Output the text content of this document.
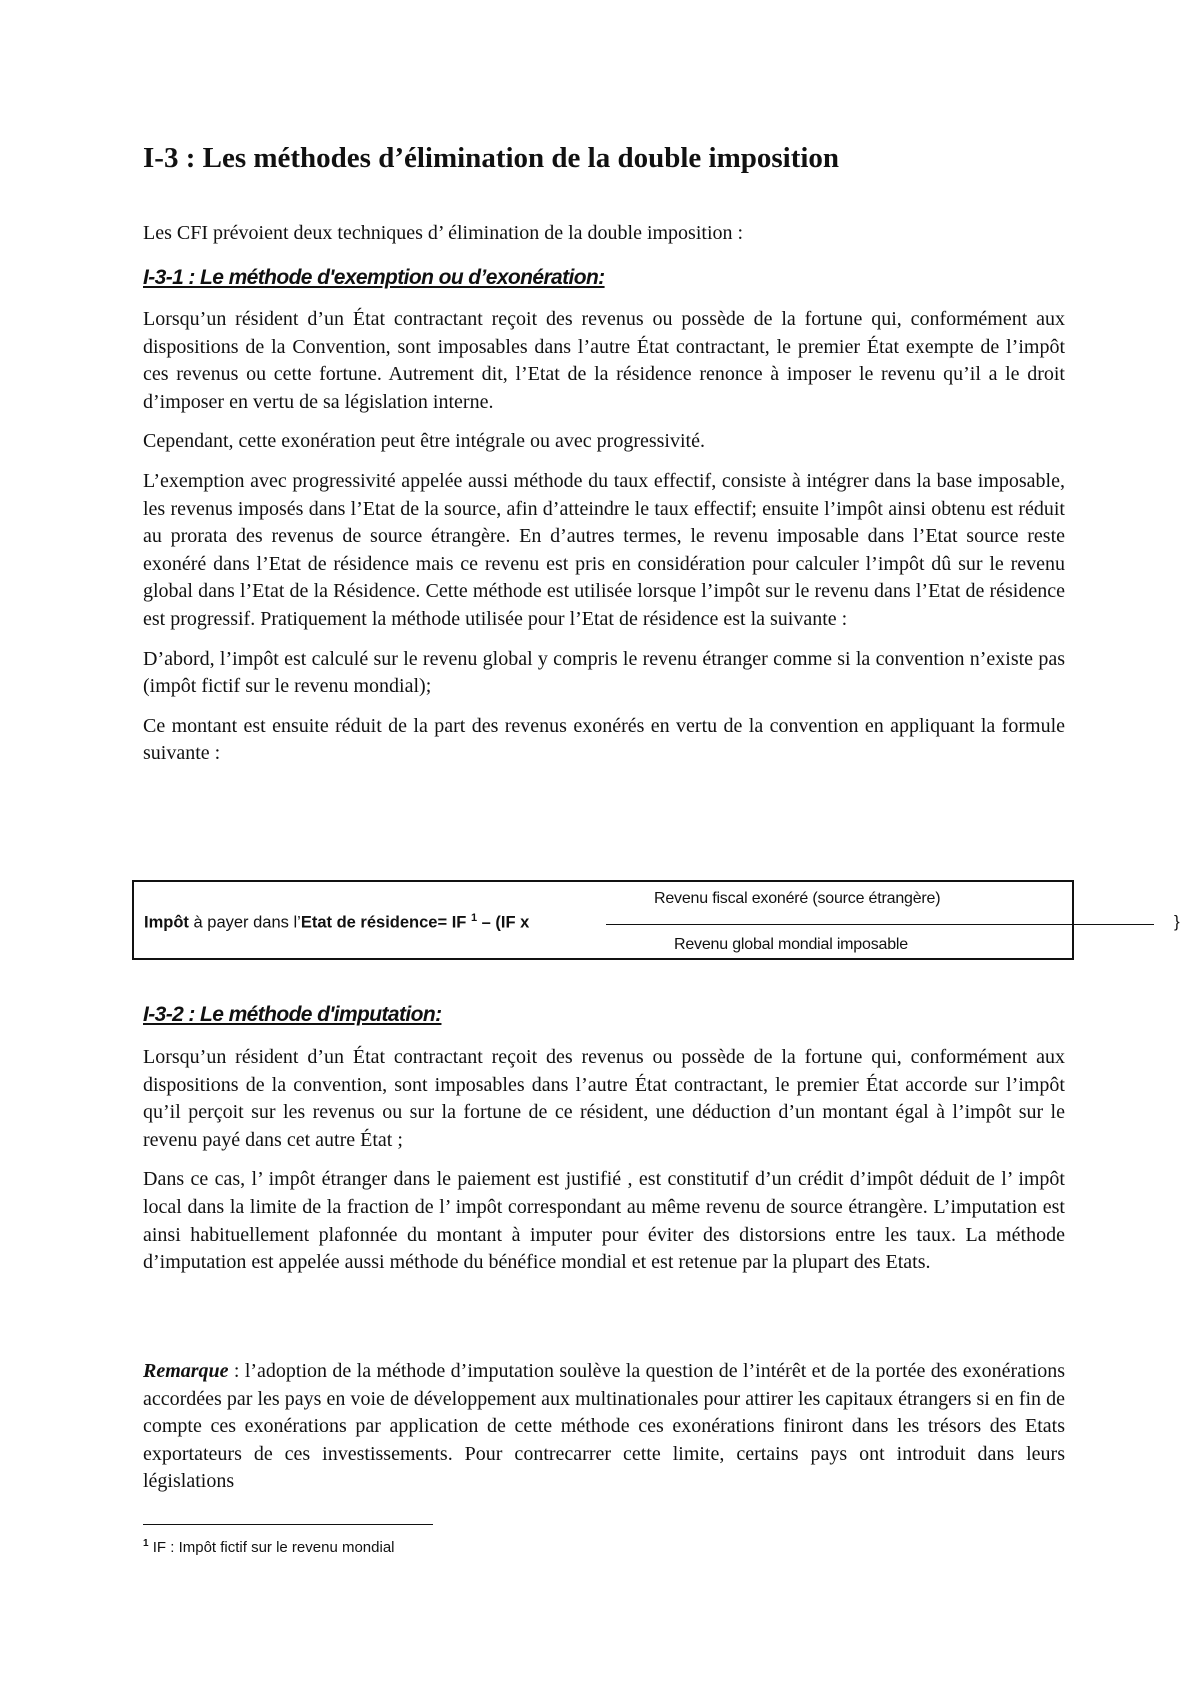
I-3 : Les méthodes d’élimination de la double imposition
Les CFI prévoient deux techniques d’ élimination de la double imposition :
I-3-1 : Le méthode d'exemption ou d’exonération:

Lorsqu’un résident d’un État contractant reçoit des revenus ou possède de la fortune qui, conformément aux dispositions de la Convention, sont imposables dans l’autre État contractant, le premier État exempte de l’impôt ces revenus ou cette fortune. Autrement dit, l’Etat de la résidence renonce à imposer le revenu qu’il a le droit d’imposer en vertu de sa législation interne.

Cependant, cette exonération peut être intégrale ou avec progressivité.

L’exemption avec progressivité appelée aussi méthode du taux effectif, consiste à intégrer dans la base imposable, les revenus imposés dans l’Etat de la source, afin d’atteindre le taux effectif; ensuite l’impôt ainsi obtenu est réduit au prorata des revenus de source étrangère. En d’autres termes, le revenu imposable dans l’Etat source reste exonéré dans l’Etat de résidence mais ce revenu est pris en considération pour calculer l’impôt dû sur le revenu global dans l’Etat de la Résidence. Cette méthode est utilisée lorsque l’impôt sur le revenu dans l’Etat de résidence est progressif. Pratiquement la méthode utilisée pour l’Etat de résidence est la suivante :

D’abord, l’impôt est calculé sur le revenu global y compris le revenu étranger comme si la convention n’existe pas (impôt fictif sur le revenu mondial);

Ce montant est ensuite réduit de la part des revenus exonérés en vertu de la convention en appliquant la formule suivante :

Revenu fiscal exonéré (source étrangère)
Impôt à payer dans l’Etat de résidence= IF $^1$ – (IF x	}
Revenu global mondial imposable
I-3-2 : Le méthode d'imputation:

Lorsqu’un résident d’un État contractant reçoit des revenus ou possède de la fortune qui, conformément aux dispositions de la convention, sont imposables dans l’autre État contractant, le premier État accorde sur l’impôt qu’il perçoit sur les revenus ou sur la fortune de ce résident, une déduction d’un montant égal à l’impôt sur le revenu payé dans cet autre État ;

Dans ce cas, l’ impôt étranger dans le paiement est justifié , est constitutif d’un crédit d’impôt déduit de l’ impôt local dans la limite de la fraction de l’ impôt correspondant au même revenu de source étrangère. L’imputation est ainsi habituellement plafonnée du montant à imputer pour éviter des distorsions entre les taux. La méthode d’imputation est appelée aussi méthode du bénéfice mondial et est retenue par la plupart des Etats.

Remarque : l’adoption de la méthode d’imputation soulève la question de l’intérêt et de la portée des exonérations accordées par les pays en voie de développement aux multinationales pour attirer les capitaux étrangers si en fin de compte ces exonérations par application de cette méthode ces exonérations finiront dans les trésors des Etats exportateurs de ces investissements. Pour contrecarrer cette limite, certains pays ont introduit dans leurs législations

$^1$ IF : Impôt fictif sur le revenu mondial
